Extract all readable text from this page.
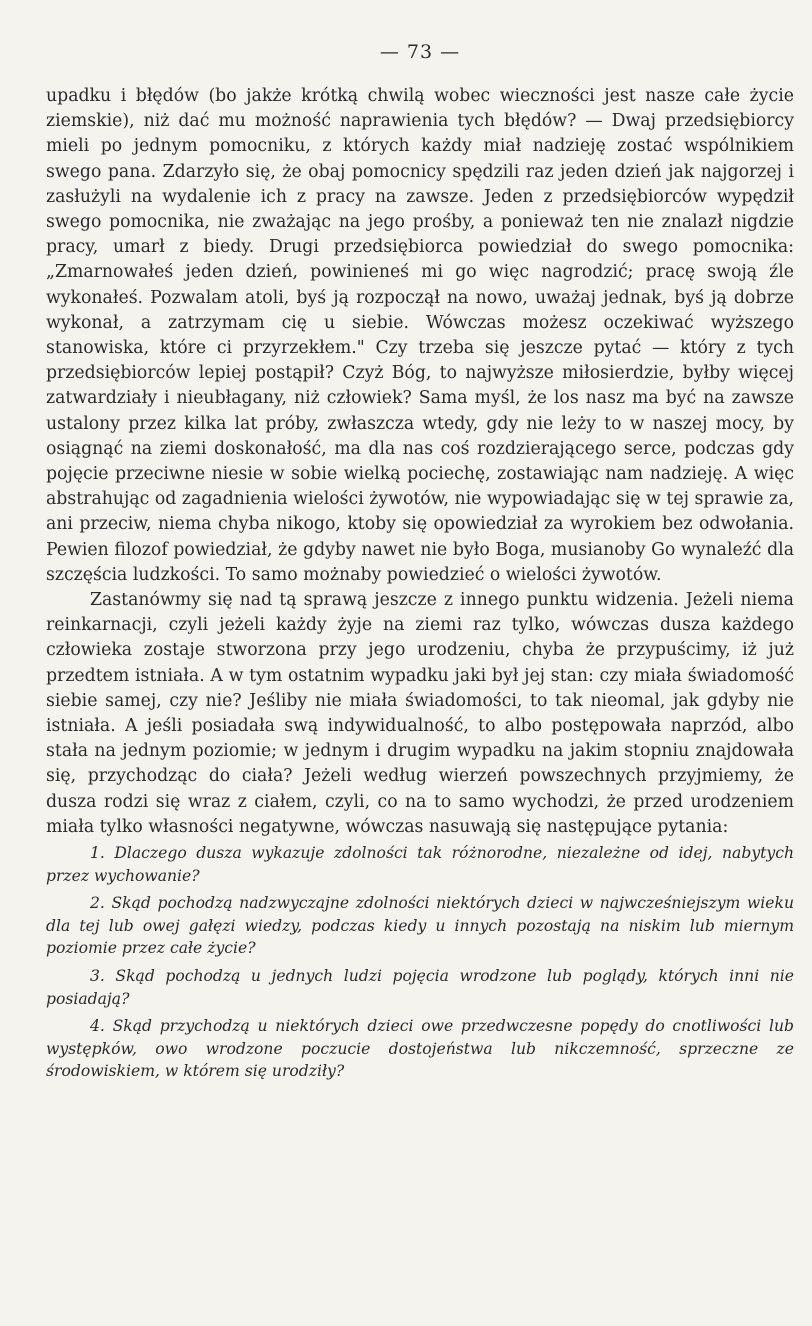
— 73 —

upadku i błędów (bo jakże krótką chwilą wobec wieczności jest nasze całe życie ziemskie), niż dać mu możność naprawienia tych błędów? — Dwaj przedsiębiorcy mieli po jednym pomocniku, z których każdy miał nadzieję zostać wspólnikiem swego pana. Zdarzyło się, że obaj pomocnicy spędzili raz jeden dzień jak najgorzej i zasłużyli na wydalenie ich z pracy na zawsze. Jeden z przedsiębiorców wypędził swego pomocnika, nie zważając na jego prośby, a ponieważ ten nie znalazł nigdzie pracy, umarł z biedy. Drugi przedsiębiorca powiedział do swego pomocnika: „Zmarnowałeś jeden dzień, powinieneś mi go więc nagrodzić; pracę swoją źle wykonałeś. Pozwalam atoli, byś ją rozpoczął na nowo, uważaj jednak, byś ją dobrze wykonał, a zatrzymam cię u siebie. Wówczas możesz oczekiwać wyższego stanowiska, które ci przyrzekłem." Czy trzeba się jeszcze pytać — który z tych przedsiębiorców lepiej postąpił? Czyż Bóg, to najwyższe miłosierdzie, byłby więcej zatwardziały i nieubłagany, niż człowiek? Sama myśl, że los nasz ma być na zawsze ustalony przez kilka lat próby, zwłaszcza wtedy, gdy nie leży to w naszej mocy, by osiągnąć na ziemi doskonałość, ma dla nas coś rozdzierającego serce, podczas gdy pojęcie przeciwne niesie w sobie wielką pociechę, zostawiając nam nadzieję. A więc abstrahując od zagadnienia wielości żywotów, nie wypowiadając się w tej sprawie za, ani przeciw, niema chyba nikogo, ktoby się opowiedział za wyrokiem bez odwołania. Pewien filozof powiedział, że gdyby nawet nie było Boga, musianoby Go wynaleźć dla szczęścia ludzkości. To samo możnaby powiedzieć o wielości żywotów.

Zastanówmy się nad tą sprawą jeszcze z innego punktu widzenia. Jeżeli niema reinkarnacji, czyli jeżeli każdy żyje na ziemi raz tylko, wówczas dusza każdego człowieka zostaje stworzona przy jego urodzeniu, chyba że przypuścimy, iż już przedtem istniała. A w tym ostatnim wypadku jaki był jej stan: czy miała świadomość siebie samej, czy nie? Jeśliby nie miała świadomości, to tak nieomal, jak gdyby nie istniała. A jeśli posiadała swą indywidualność, to albo postępowała naprzód, albo stała na jednym poziomie; w jednym i drugim wypadku na jakim stopniu znajdowała się, przychodząc do ciała? Jeżeli według wierzeń powszechnych przyjmiemy, że dusza rodzi się wraz z ciałem, czyli, co na to samo wychodzi, że przed urodzeniem miała tylko własności negatywne, wówczas nasuwają się następujące pytania:

1. Dlaczego dusza wykazuje zdolności tak różnorodne, niezależne od idej, nabytych przez wychowanie?

2. Skąd pochodzą nadzwyczajne zdolności niektórych dzieci w najwcześniejszym wieku dla tej lub owej gałęzi wiedzy, podczas kiedy u innych pozostają na niskim lub miernym poziomie przez całe życie?

3. Skąd pochodzą u jednych ludzi pojęcia wrodzone lub poglądy, których inni nie posiadają?

4. Skąd przychodzą u niektórych dzieci owe przedwczesne popędy do cnotliwości lub występków, owo wrodzone poczucie dostojeństwa lub nikczemność, sprzeczne ze środowiskiem, w którem się urodziły?
